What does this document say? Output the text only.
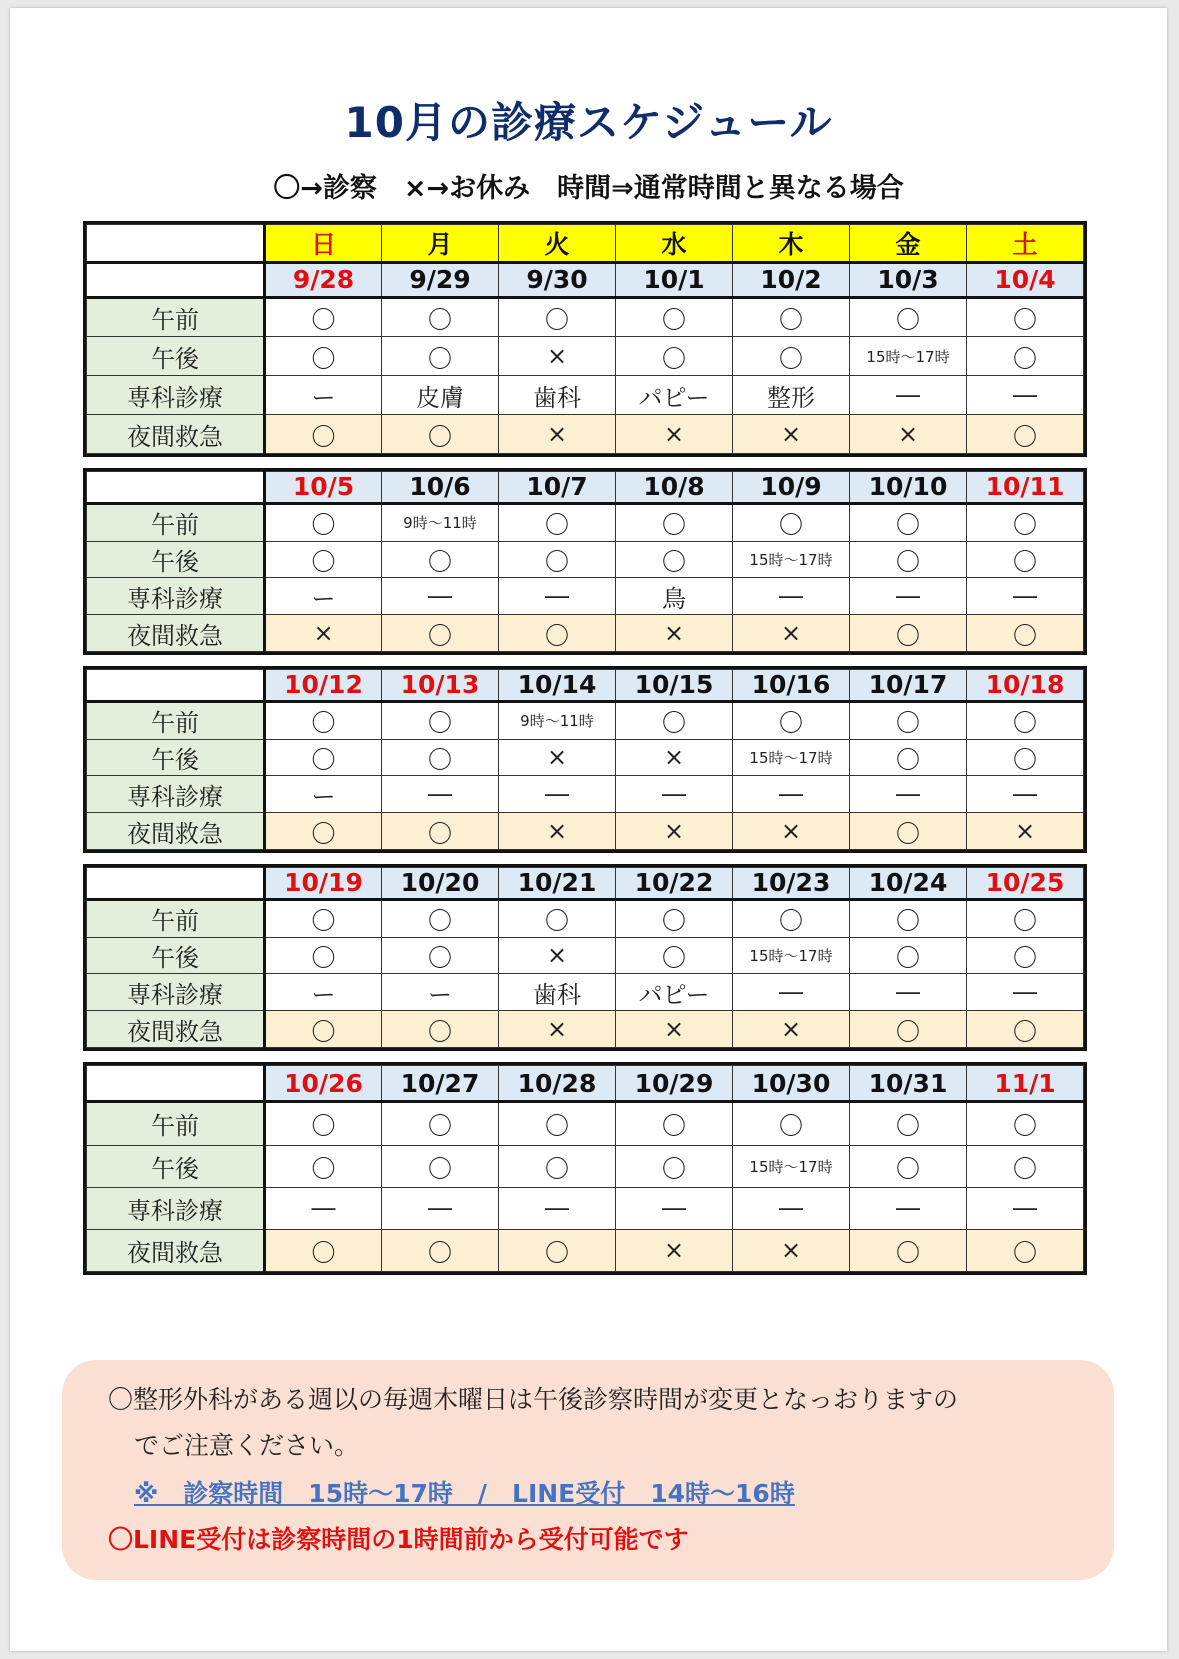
10月の診療スケジュール
〇→診察　×→お休み　時間⇒通常時間と異なる場合
	日	月	火	水	木	金	土
	9/28	9/29	9/30	10/1	10/2	10/3	10/4
午前	〇	〇	〇	〇	〇	〇	〇
午後	〇	〇	×	〇	〇	15時～17時	〇
専科診療	ー	皮膚	歯科	パピー	整形	―	―
夜間救急	〇	〇	×	×	×	×	〇
	10/5	10/6	10/7	10/8	10/9	10/10	10/11
午前	〇	9時～11時	〇	〇	〇	〇	〇
午後	〇	〇	〇	〇	15時～17時	〇	〇
専科診療	ー	―	―	鳥	―	―	―
夜間救急	×	〇	〇	×	×	〇	〇
	10/12	10/13	10/14	10/15	10/16	10/17	10/18
午前	〇	〇	9時～11時	〇	〇	〇	〇
午後	〇	〇	×	×	15時～17時	〇	〇
専科診療	ー	―	―	―	―	―	―
夜間救急	〇	〇	×	×	×	〇	×
	10/19	10/20	10/21	10/22	10/23	10/24	10/25
午前	〇	〇	〇	〇	〇	〇	〇
午後	〇	〇	×	〇	15時～17時	〇	〇
専科診療	ー	ー	歯科	パピー	―	―	―
夜間救急	〇	〇	×	×	×	〇	〇
	10/26	10/27	10/28	10/29	10/30	10/31	11/1
午前	〇	〇	〇	〇	〇	〇	〇
午後	〇	〇	〇	〇	15時～17時	〇	〇
専科診療	―	―	―	―	―	―	―
夜間救急	〇	〇	〇	×	×	〇	〇
〇整形外科がある週以の毎週木曜日は午後診察時間が変更となっおりますの
でご注意ください。
※　診察時間　15時～17時　/　LINE受付　14時～16時
〇LINE受付は診察時間の1時間前から受付可能です
